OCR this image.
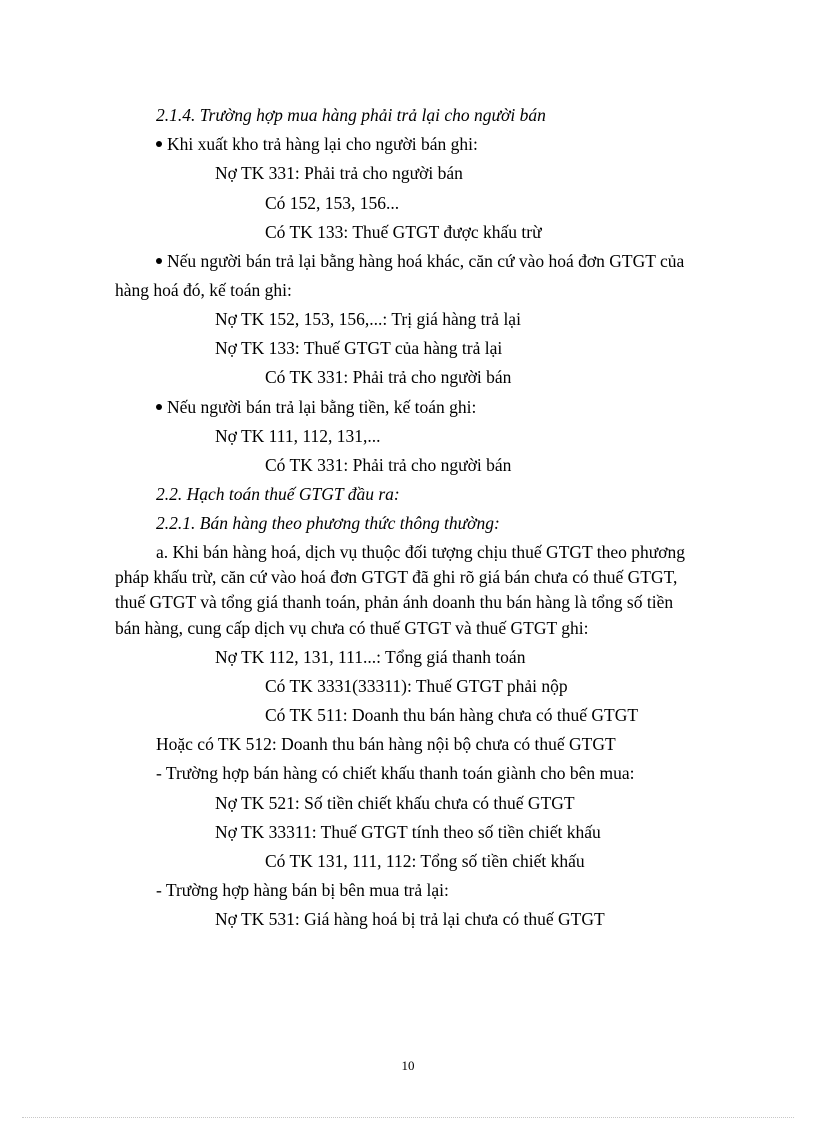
2.1.4. Trường hợp mua hàng phải trả lại cho người bán
Khi xuất kho trả hàng lại cho người bán ghi:
Nợ TK 331: Phải trả cho người bán
Có 152, 153, 156...
Có TK 133: Thuế GTGT được khấu trừ
Nếu người bán trả lại bằng hàng hoá khác, căn cứ vào hoá đơn GTGT của
hàng hoá đó, kế toán ghi:
Nợ TK 152, 153, 156,...: Trị giá hàng trả lại
Nợ TK 133: Thuế GTGT của hàng trả lại
Có TK 331: Phải trả cho người bán
Nếu người bán trả lại bằng tiền, kế toán ghi:
Nợ TK 111, 112, 131,...
Có TK 331: Phải trả cho người bán
2.2. Hạch toán thuế GTGT đầu ra:
2.2.1. Bán hàng theo phương thức thông thường:
a. Khi bán hàng hoá, dịch vụ thuộc đối tượng chịu thuế GTGT theo phương
pháp khấu trừ, căn cứ vào hoá đơn GTGT đã ghi rõ giá bán chưa có thuế GTGT,
thuế GTGT và tổng giá thanh toán, phản ánh doanh thu bán hàng là tổng số tiền
bán hàng, cung cấp dịch vụ chưa có thuế GTGT và thuế GTGT ghi:
Nợ TK 112, 131, 111...: Tổng giá thanh toán
Có TK 3331(33311): Thuế GTGT phải nộp
Có TK 511: Doanh thu bán hàng chưa có thuế GTGT
Hoặc có TK 512: Doanh thu bán hàng nội bộ chưa có thuế GTGT
- Trường hợp bán hàng có chiết khấu thanh toán giành cho bên mua:
Nợ TK 521: Số tiền chiết khấu chưa có thuế GTGT
Nợ TK 33311: Thuế GTGT tính theo số tiền chiết khấu
Có TK 131, 111, 112: Tổng số tiền chiết khấu
- Trường hợp hàng bán bị bên mua trả lại:
Nợ TK 531: Giá hàng hoá bị trả lại chưa có thuế GTGT
10
